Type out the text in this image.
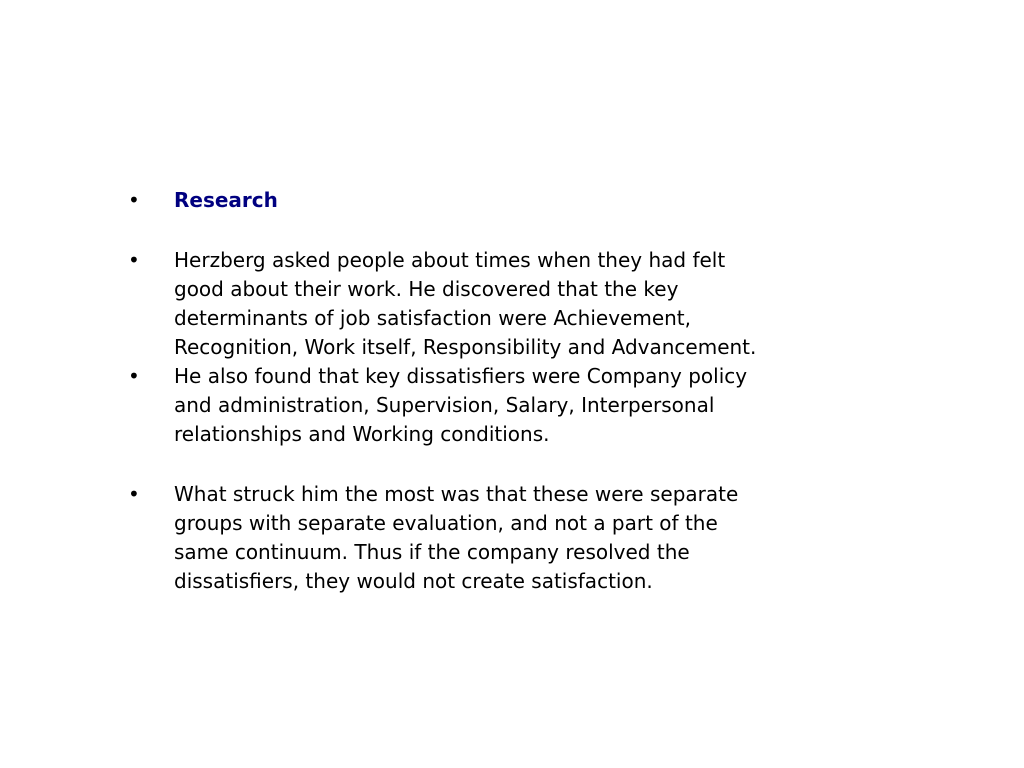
• Research
• Herzberg asked people about times when they had felt
good about their work. He discovered that the key
determinants of job satisfaction were Achievement,
Recognition, Work itself, Responsibility and Advancement.
• He also found that key dissatisfiers were Company policy
and administration, Supervision, Salary, Interpersonal
relationships and Working conditions.
• What struck him the most was that these were separate
groups with separate evaluation, and not a part of the
same continuum. Thus if the company resolved the
dissatisfiers, they would not create satisfaction.
